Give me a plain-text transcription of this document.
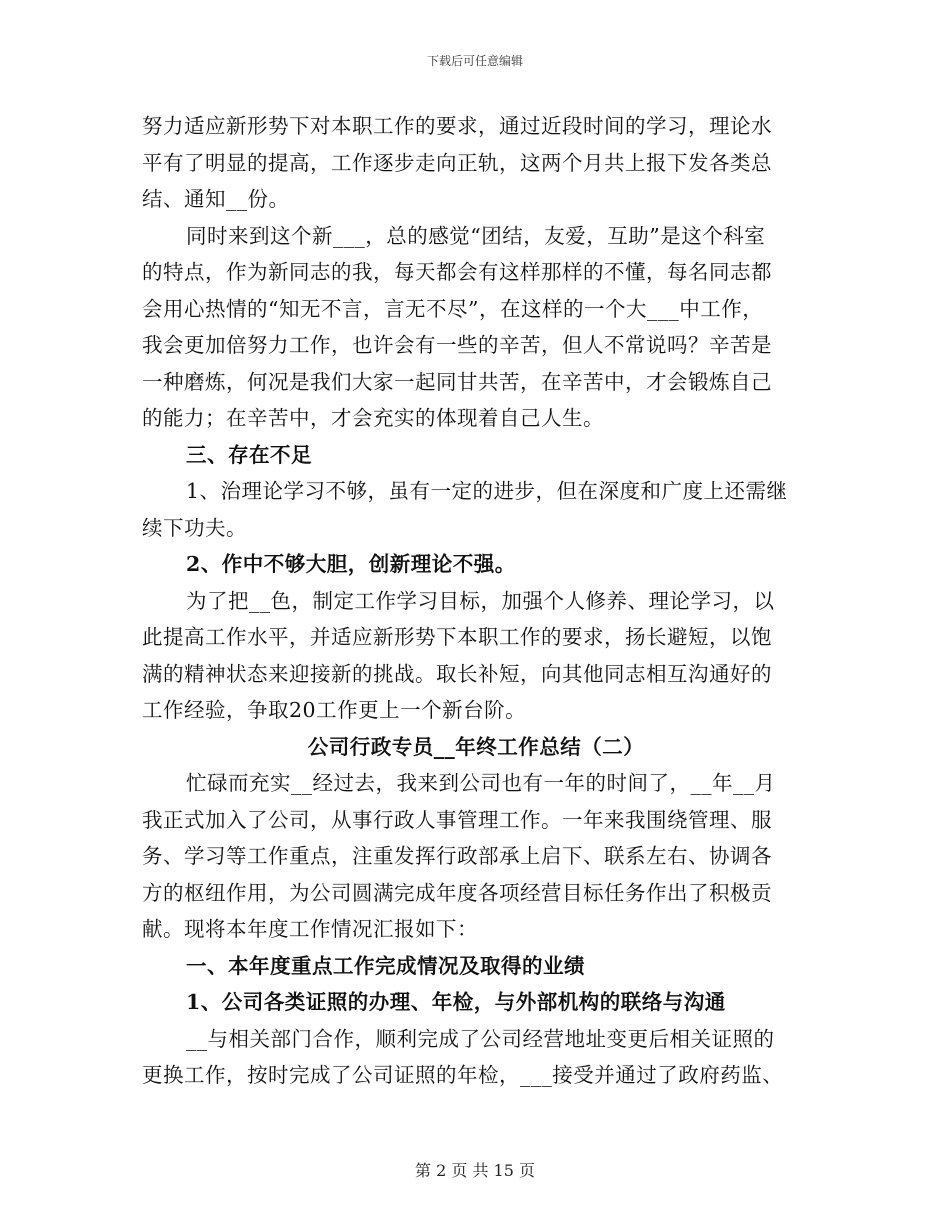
下载后可任意编辑
努力适应新形势下对本职工作的要求，通过近段时间的学习，理论水
平有了明显的提高，工作逐步走向正轨，这两个月共上报下发各类总
结、通知__份。
同时来到这个新___，总的感觉“团结，友爱，互助”是这个科室
的特点，作为新同志的我，每天都会有这样那样的不懂，每名同志都
会用心热情的“知无不言，言无不尽”，在这样的一个大___中工作，
我会更加倍努力工作，也许会有一些的辛苦，但人不常说吗？辛苦是
一种磨炼，何况是我们大家一起同甘共苦，在辛苦中，才会锻炼自己
的能力；在辛苦中，才会充实的体现着自己人生。
三、存在不足
1、治理论学习不够，虽有一定的进步，但在深度和广度上还需继
续下功夫。
2、作中不够大胆，创新理论不强。
为了把__色，制定工作学习目标，加强个人修养、理论学习，以
此提高工作水平，并适应新形势下本职工作的要求，扬长避短，以饱
满的精神状态来迎接新的挑战。取长补短，向其他同志相互沟通好的
工作经验，争取20工作更上一个新台阶。
公司行政专员__年终工作总结（二）
忙碌而充实__经过去，我来到公司也有一年的时间了，__年__月
我正式加入了公司，从事行政人事管理工作。一年来我围绕管理、服
务、学习等工作重点，注重发挥行政部承上启下、联系左右、协调各
方的枢纽作用，为公司圆满完成年度各项经营目标任务作出了积极贡
献。现将本年度工作情况汇报如下：
一、本年度重点工作完成情况及取得的业绩
1、公司各类证照的办理、年检，与外部机构的联络与沟通
__与相关部门合作，顺利完成了公司经营地址变更后相关证照的
更换工作，按时完成了公司证照的年检，___接受并通过了政府药监、
第 2 页 共 15 页
